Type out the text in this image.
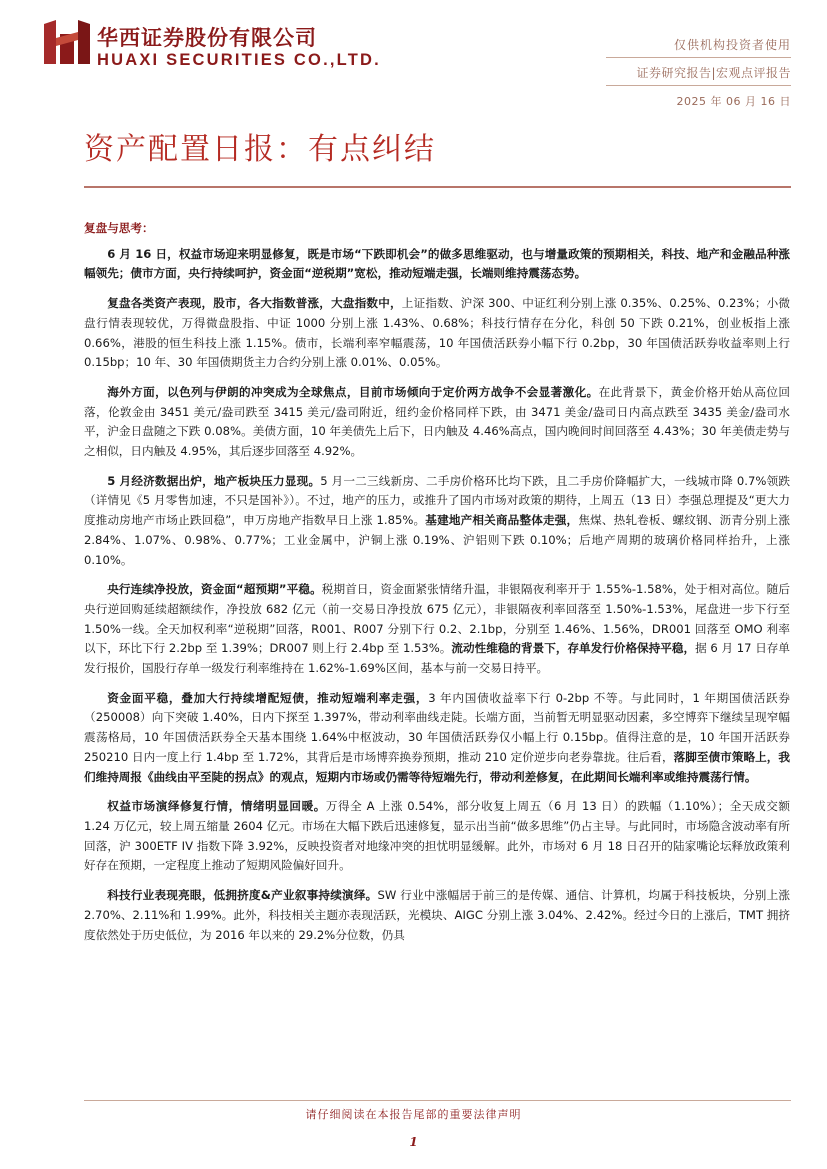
华西证券股份有限公司
HUAXI SECURITIES CO.,LTD.
仅供机构投资者使用
证券研究报告|宏观点评报告
2025 年 06 月 16 日
资产配置日报：有点纠结
复盘与思考：

6 月 16 日，权益市场迎来明显修复，既是市场“下跌即机会”的做多思维驱动，也与增量政策的预期相关，科技、地产和金融品种涨幅领先；债市方面，央行持续呵护，资金面“逆税期”宽松，推动短端走强，长端则维持震荡态势。

复盘各类资产表现，股市，各大指数普涨，大盘指数中，上证指数、沪深 300、中证红利分别上涨 0.35%、0.25%、0.23%；小微盘行情表现较优，万得微盘股指、中证 1000 分别上涨 1.43%、0.68%；科技行情存在分化，科创 50 下跌 0.21%，创业板指上涨 0.66%，港股的恒生科技上涨 1.15%。债市，长端利率窄幅震荡，10 年国债活跃券小幅下行 0.2bp，30 年国债活跃券收益率则上行 0.15bp；10 年、30 年国债期货主力合约分别上涨 0.01%、0.05%。

海外方面，以色列与伊朗的冲突成为全球焦点，目前市场倾向于定价两方战争不会显著激化。在此背景下，黄金价格开始从高位回落，伦敦金由 3451 美元/盎司跌至 3415 美元/盎司附近，纽约金价格同样下跌，由 3471 美金/盎司日内高点跌至 3435 美金/盎司水平，沪金日盘随之下跌 0.08%。美债方面，10 年美债先上后下，日内触及 4.46%高点，国内晚间时间回落至 4.43%；30 年美债走势与之相似，日内触及 4.95%，其后逐步回落至 4.92%。

5 月经济数据出炉，地产板块压力显现。5 月一二三线新房、二手房价格环比均下跌，且二手房价降幅扩大，一线城市降 0.7%领跌（详情见《5 月零售加速，不只是国补》）。不过，地产的压力，或推升了国内市场对政策的期待，上周五（13 日）李强总理提及“更大力度推动房地产市场止跌回稳”，申万房地产指数早日上涨 1.85%。基建地产相关商品整体走强，焦煤、热轧卷板、螺纹钢、沥青分别上涨 2.84%、1.07%、0.98%、0.77%；工业金属中，沪铜上涨 0.19%、沪铝则下跌 0.10%；后地产周期的玻璃价格同样抬升，上涨 0.10%。

央行连续净投放，资金面“超预期”平稳。税期首日，资金面紧张情绪升温，非银隔夜利率开于 1.55%-1.58%，处于相对高位。随后央行逆回购延续超额续作，净投放 682 亿元（前一交易日净投放 675 亿元），非银隔夜利率回落至 1.50%-1.53%，尾盘进一步下行至 1.50%一线。全天加权利率“逆税期”回落，R001、R007 分别下行 0.2、2.1bp，分别至 1.46%、1.56%，DR001 回落至 OMO 利率以下，环比下行 2.2bp 至 1.39%；DR007 则上行 2.4bp 至 1.53%。流动性维稳的背景下，存单发行价格保持平稳，据 6 月 17 日存单发行报价，国股行存单一级发行利率维持在 1.62%-1.69%区间，基本与前一交易日持平。

资金面平稳，叠加大行持续增配短债，推动短端利率走强，3 年内国债收益率下行 0-2bp 不等。与此同时，1 年期国债活跃券（250008）向下突破 1.40%，日内下探至 1.397%，带动利率曲线走陡。长端方面，当前暂无明显驱动因素，多空博弈下继续呈现窄幅震荡格局，10 年国债活跃券全天基本围绕 1.64%中枢波动，30 年国债活跃券仅小幅上行 0.15bp。值得注意的是，10 年国开活跃券 250210 日内一度上行 1.4bp 至 1.72%，其背后是市场博弈换券预期，推动 210 定价逆步向老券靠拢。往后看，落脚至债市策略上，我们维持周报《曲线由平至陡的拐点》的观点，短期内市场或仍需等待短端先行，带动利差修复，在此期间长端利率或维持震荡行情。

权益市场演绎修复行情，情绪明显回暖。万得全 A 上涨 0.54%，部分收复上周五（6 月 13 日）的跌幅（1.10%）；全天成交额 1.24 万亿元，较上周五缩量 2604 亿元。市场在大幅下跌后迅速修复，显示出当前“做多思维”仍占主导。与此同时，市场隐含波动率有所回落，沪 300ETF IV 指数下降 3.92%，反映投资者对地缘冲突的担忧明显缓解。此外，市场对 6 月 18 日召开的陆家嘴论坛释放政策利好存在预期，一定程度上推动了短期风险偏好回升。

科技行业表现亮眼，低拥挤度&产业叙事持续演绎。SW 行业中涨幅居于前三的是传媒、通信、计算机，均属于科技板块，分别上涨 2.70%、2.11%和 1.99%。此外，科技相关主题亦表现活跃，光模块、AIGC 分别上涨 3.04%、2.42%。经过今日的上涨后，TMT 拥挤度依然处于历史低位，为 2016 年以来的 29.2%分位数，仍具

请仔细阅读在本报告尾部的重要法律声明
1
